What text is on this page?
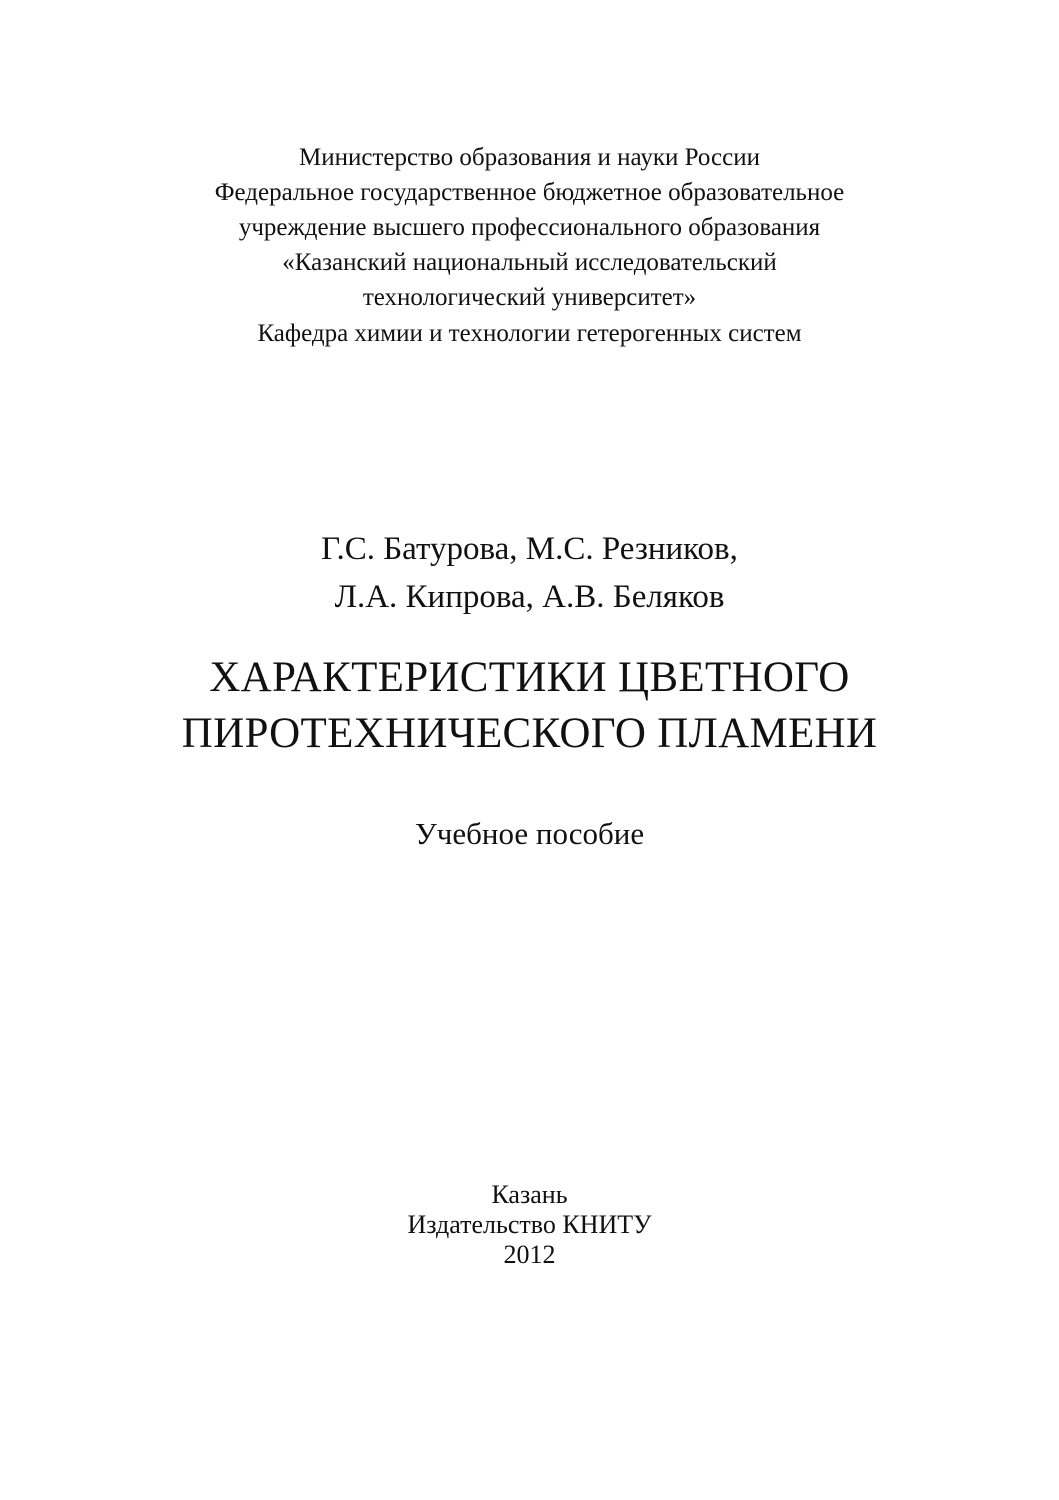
Министерство образования и науки России
Федеральное государственное бюджетное образовательное
учреждение высшего профессионального образования
«Казанский национальный исследовательский
технологический университет»
Кафедра химии и технологии гетерогенных систем
Г.С. Батурова, М.С. Резников,
Л.А. Кипрова, А.В. Беляков
ХАРАКТЕРИСТИКИ ЦВЕТНОГО
ПИРОТЕХНИЧЕСКОГО ПЛАМЕНИ
Учебное пособие
Казань
Издательство КНИТУ
2012
